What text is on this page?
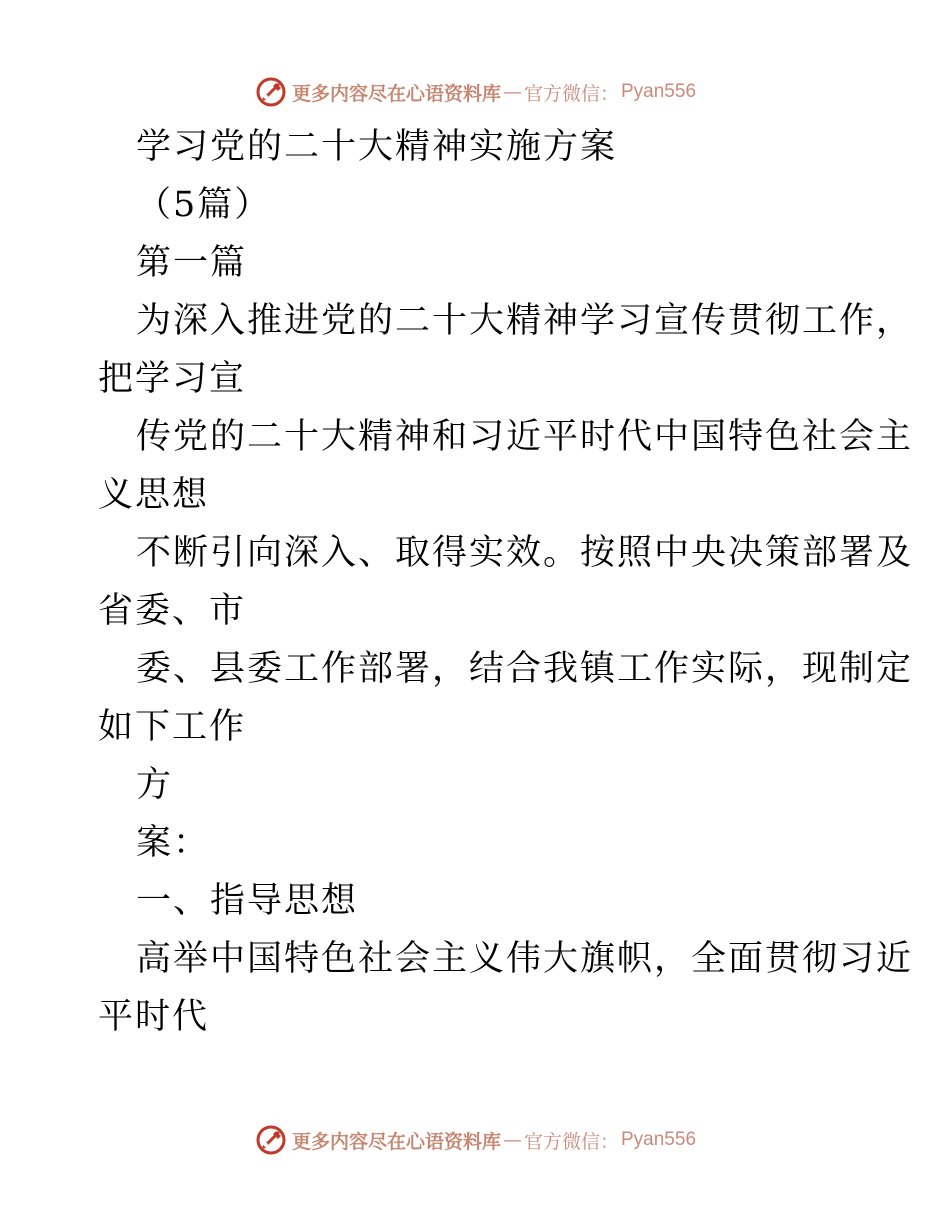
更多内容尽在心语资料库 — 官方微信： Pyan556
学习党的二十大精神实施方案
（5篇）
第一篇
为深入推进党的二十大精神学习宣传贯彻工作，
把学习宣
传党的二十大精神和习近平时代中国特色社会主
义思想
不断引向深入、取得实效。按照中央决策部署及
省委、市
委、县委工作部署，结合我镇工作实际，现制定
如下工作
方
案：
一、指导思想
高举中国特色社会主义伟大旗帜，全面贯彻习近
平时代
更多内容尽在心语资料库 — 官方微信： Pyan556
